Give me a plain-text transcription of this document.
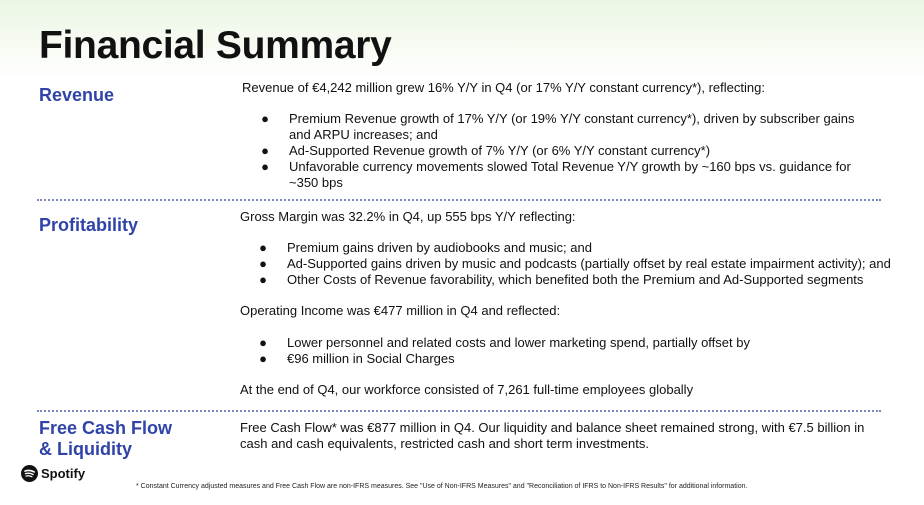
Financial Summary
Revenue	Revenue of €4,242 million grew 16% Y/Y in Q4 (or 17% Y/Y constant currency*), reflecting:
● Premium Revenue growth of 17% Y/Y (or 19% Y/Y constant currency*), driven by subscriber gains and ARPU increases; and
● Ad-Supported Revenue growth of 7% Y/Y (or 6% Y/Y constant currency*)
● Unfavorable currency movements slowed Total Revenue Y/Y growth by ~160 bps vs. guidance for ~350 bps
Profitability	Gross Margin was 32.2% in Q4, up 555 bps Y/Y reflecting:
● Premium gains driven by audiobooks and music; and
● Ad-Supported gains driven by music and podcasts (partially offset by real estate impairment activity); and
● Other Costs of Revenue favorability, which benefited both the Premium and Ad-Supported segments
Operating Income was €477 million in Q4 and reflected:
● Lower personnel and related costs and lower marketing spend, partially offset by
● €96 million in Social Charges
At the end of Q4, our workforce consisted of 7,261 full-time employees globally
Free Cash Flow
& Liquidity
Free Cash Flow* was €877 million in Q4. Our liquidity and balance sheet remained strong, with €7.5 billion in cash and cash equivalents, restricted cash and short term investments.
Spotify
* Constant Currency adjusted measures and Free Cash Flow are non-IFRS measures. See "Use of Non-IFRS Measures" and "Reconciliation of IFRS to Non-IFRS Results" for additional information.
